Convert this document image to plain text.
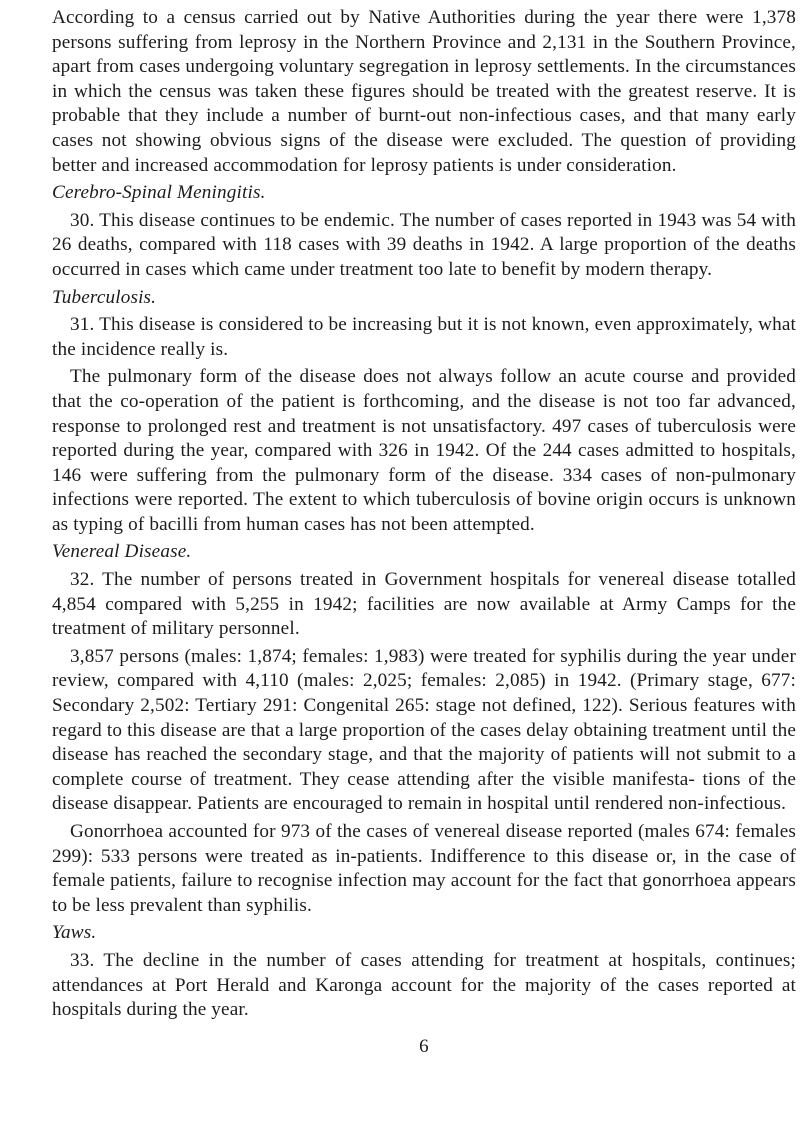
According to a census carried out by Native Authorities during the year there were 1,378 persons suffering from leprosy in the Northern Province and 2,131 in the Southern Province, apart from cases undergoing voluntary segregation in leprosy settlements. In the circumstances in which the census was taken these figures should be treated with the greatest reserve. It is probable that they include a number of burnt-out non-infectious cases, and that many early cases not showing obvious signs of the disease were excluded. The question of providing better and increased accommodation for leprosy patients is under consideration.

Cerebro-Spinal Meningitis.

30. This disease continues to be endemic. The number of cases reported in 1943 was 54 with 26 deaths, compared with 118 cases with 39 deaths in 1942. A large proportion of the deaths occurred in cases which came under treatment too late to benefit by modern therapy.

Tuberculosis.

31. This disease is considered to be increasing but it is not known, even approximately, what the incidence really is.

The pulmonary form of the disease does not always follow an acute course and provided that the co-operation of the patient is forthcoming, and the disease is not too far advanced, response to prolonged rest and treatment is not unsatisfactory. 497 cases of tuberculosis were reported during the year, compared with 326 in 1942. Of the 244 cases admitted to hospitals, 146 were suffering from the pulmonary form of the disease. 334 cases of non-pulmonary infections were reported. The extent to which tuberculosis of bovine origin occurs is unknown as typing of bacilli from human cases has not been attempted.

Venereal Disease.

32. The number of persons treated in Government hospitals for venereal disease totalled 4,854 compared with 5,255 in 1942; facilities are now available at Army Camps for the treatment of military personnel.

3,857 persons (males: 1,874; females: 1,983) were treated for syphilis during the year under review, compared with 4,110 (males: 2,025; females: 2,085) in 1942. (Primary stage, 677: Secondary 2,502: Tertiary 291: Congenital 265: stage not defined, 122). Serious features with regard to this disease are that a large proportion of the cases delay obtaining treatment until the disease has reached the secondary stage, and that the majority of patients will not submit to a complete course of treatment. They cease attending after the visible manifesta- tions of the disease disappear. Patients are encouraged to remain in hospital until rendered non-infectious.

Gonorrhoea accounted for 973 of the cases of venereal disease reported (males 674: females 299): 533 persons were treated as in-patients. Indifference to this disease or, in the case of female patients, failure to recognise infection may account for the fact that gonorrhoea appears to be less prevalent than syphilis.

Yaws.

33. The decline in the number of cases attending for treatment at hospitals, continues; attendances at Port Herald and Karonga account for the majority of the cases reported at hospitals during the year.

6
